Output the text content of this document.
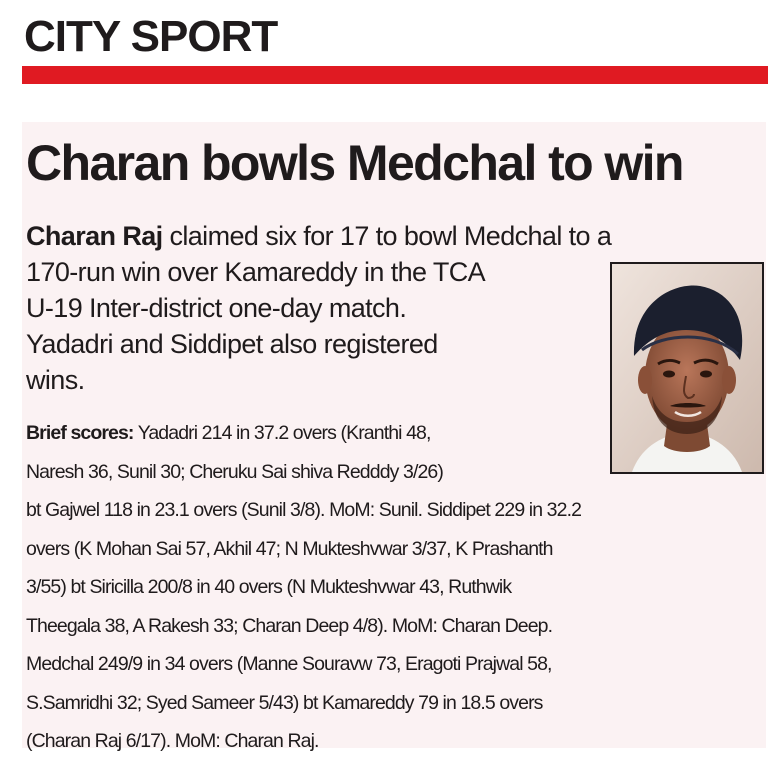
CITY SPORT
Charan bowls Medchal to win

Charan Raj claimed six for 17 to bowl Medchal to a
170-run win over Kamareddy in the TCA
U-19 Inter-district one-day match.
Yadadri and Siddipet also registered
wins.

Brief scores: Yadadri 214 in 37.2 overs (Kranthi 48,
Naresh 36, Sunil 30; Cheruku Sai shiva Redddy 3/26)
bt Gajwel 118 in 23.1 overs (Sunil 3/8). MoM: Sunil. Siddipet 229 in 32.2
overs (K Mohan Sai 57, Akhil 47; N Mukteshvwar 3/37, K Prashanth
3/55) bt Siricilla 200/8 in 40 overs (N Mukteshvwar 43, Ruthwik
Theegala 38, A Rakesh 33; Charan Deep 4/8). MoM: Charan Deep.
Medchal 249/9 in 34 overs (Manne Souravw 73, Eragoti Prajwal 58,
S.Samridhi 32; Syed Sameer 5/43) bt Kamareddy 79 in 18.5 overs
(Charan Raj 6/17). MoM: Charan Raj.
